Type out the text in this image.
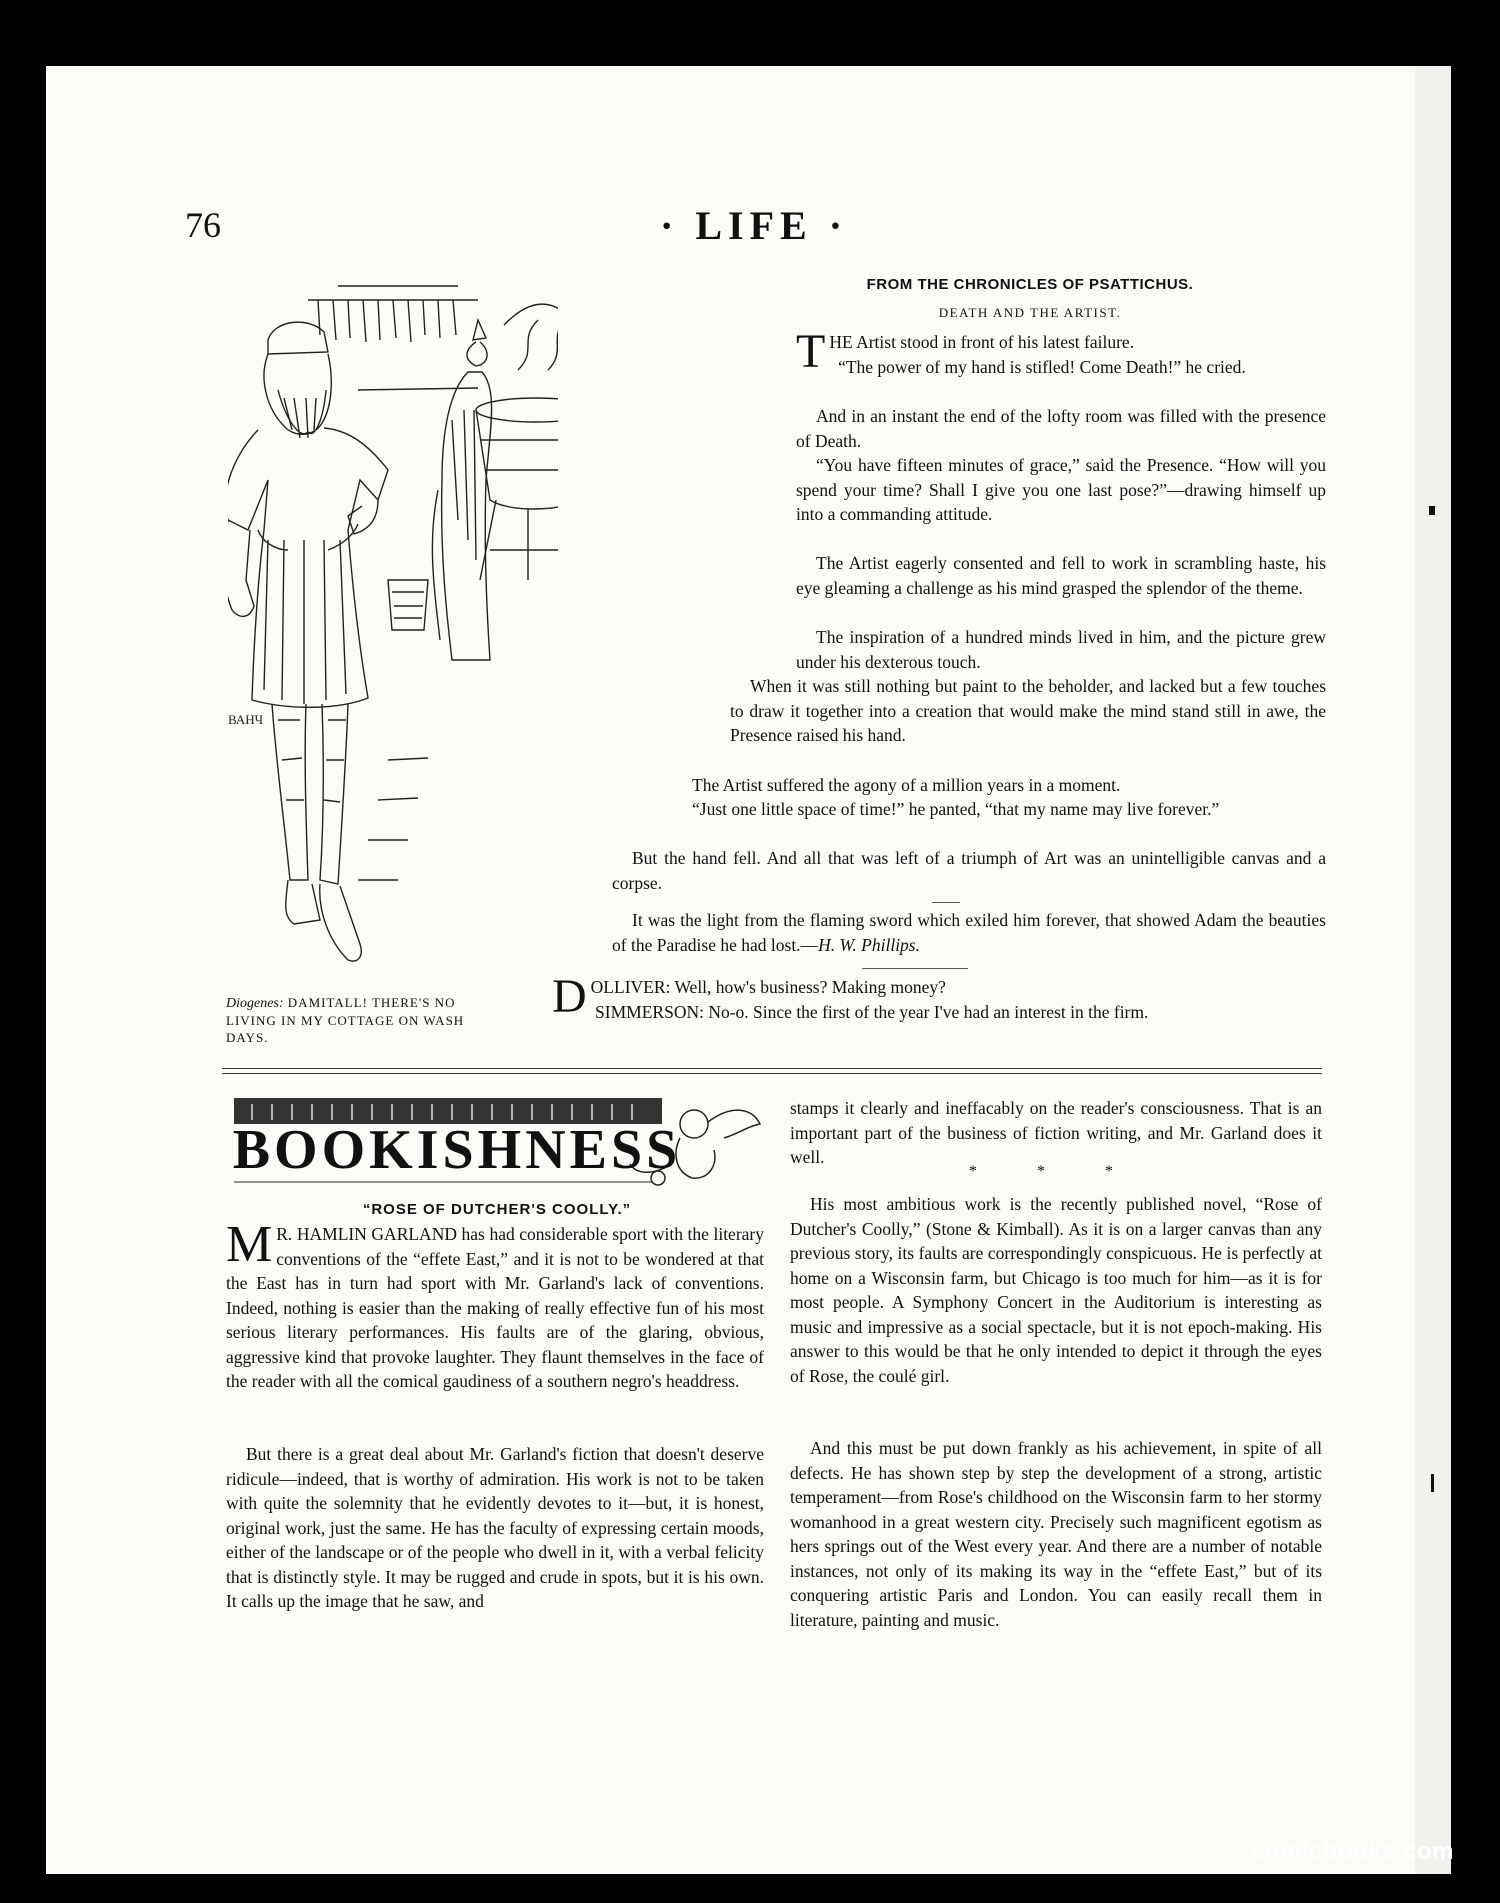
76	· LIFE ·
ВАНЧ
Diogenes: DAMITALL! THERE'S NO LIVING IN MY COTTAGE ON WASH DAYS.
FROM THE CHRONICLES OF PSATTICHUS.
DEATH AND THE ARTIST.

THE Artist stood in front of his latest failure.
“The power of my hand is stifled! Come Death!” he cried.

And in an instant the end of the lofty room was filled with the presence of Death.

“You have fifteen minutes of grace,” said the Presence. “How will you spend your time? Shall I give you one last pose?”—drawing himself up into a commanding attitude.

The Artist eagerly consented and fell to work in scrambling haste, his eye gleaming a challenge as his mind grasped the splendor of the theme.

The inspiration of a hundred minds lived in him, and the picture grew under his dexterous touch.

When it was still nothing but paint to the beholder, and lacked but a few touches to draw it together into a creation that would make the mind stand still in awe, the Presence raised his hand.

The Artist suffered the agony of a million years in a moment.

“Just one little space of time!” he panted, “that my name may live forever.”

But the hand fell. And all that was left of a triumph of Art was an unintelligible canvas and a corpse.

It was the light from the flaming sword which exiled him forever, that showed Adam the beauties of the Paradise he had lost.—H. W. Phillips.

DOLLIVER: Well, how's business? Making money?
SIMMERSON: No-o. Since the first of the year I've had an interest in the firm.

BOOKISHNESS
“ROSE OF DUTCHER'S COOLLY.”

M R. HAMLIN GARLAND has had considerable sport with the literary conventions of the “effete East,” and it is not to be wondered at that the East has in turn had sport with Mr. Garland's lack of conventions. Indeed, nothing is easier than the making of really effective fun of his most serious literary performances. His faults are of the glaring, obvious, aggressive kind that provoke laughter. They flaunt themselves in the face of the reader with all the comical gaudiness of a southern negro's headdress.

But there is a great deal about Mr. Garland's fiction that doesn't deserve ridicule—indeed, that is worthy of admiration. His work is not to be taken with quite the solemnity that he evidently devotes to it—but, it is honest, original work, just the same. He has the faculty of expressing certain moods, either of the landscape or of the people who dwell in it, with a verbal felicity that is distinctly style. It may be rugged and crude in spots, but it is his own. It calls up the image that he saw, and

stamps it clearly and ineffacably on the reader's consciousness. That is an important part of the business of fiction writing, and Mr. Garland does it well.

* * *

His most ambitious work is the recently published novel, “Rose of Dutcher's Coolly,” (Stone & Kimball). As it is on a larger canvas than any previous story, its faults are correspondingly conspicuous. He is perfectly at home on a Wisconsin farm, but Chicago is too much for him—as it is for most people. A Symphony Concert in the Auditorium is interesting as music and impressive as a social spectacle, but it is not epoch-making. His answer to this would be that he only intended to depict it through the eyes of Rose, the coulé girl.

And this must be put down frankly as his achievement, in spite of all defects. He has shown step by step the development of a strong, artistic temperament—from Rose's childhood on the Wisconsin farm to her stormy womanhood in a great western city. Precisely such magnificent egotism as hers springs out of the West every year. And there are a number of notable instances, not only of its making its way in the “effete East,” but of its conquering artistic Paris and London. You can easily recall them in literature, painting and music.

comicbooks.com
